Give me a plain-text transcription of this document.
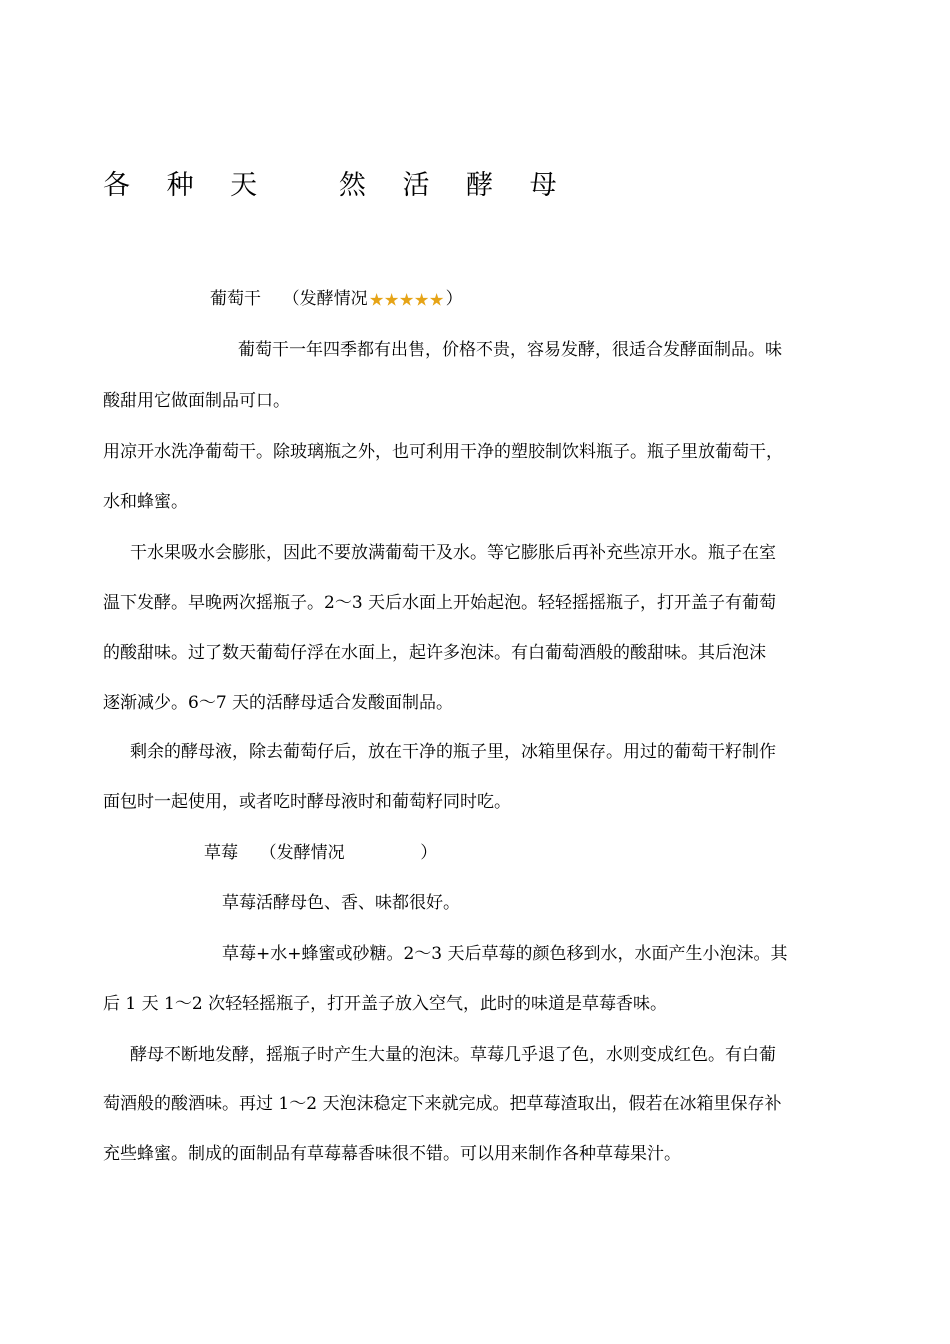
各 种 天   然 活 酵 母
葡萄干 （发酵情况	）
葡萄干一年四季都有出售，价格不贵，容易发酵，很适合发酵面制品。味
酸甜用它做面制品可口。
用凉开水洗净葡萄干。除玻璃瓶之外，也可利用干净的塑胶制饮料瓶子。瓶子里放葡萄干，
水和蜂蜜。
干水果吸水会膨胀，因此不要放满葡萄干及水。等它膨胀后再补充些凉开水。瓶子在室
温下发酵。早晚两次摇瓶子。2～3 天后水面上开始起泡。轻轻摇摇瓶子，打开盖子有葡萄
的酸甜味。过了数天葡萄仔浮在水面上，起许多泡沫。有白葡萄酒般的酸甜味。其后泡沫
逐渐减少。6～7 天的活酵母适合发酸面制品。
剩余的酵母液，除去葡萄仔后，放在干净的瓶子里，冰箱里保存。用过的葡萄干籽制作
面包时一起使用，或者吃时酵母液时和葡萄籽同时吃。
草莓 （发酵情况	）
草莓活酵母色、香、味都很好。
草莓+水+蜂蜜或砂糖。2～3 天后草莓的颜色移到水，水面产生小泡沫。其
后 1 天 1～2 次轻轻摇瓶子，打开盖子放入空气，此时的味道是草莓香味。
酵母不断地发酵，摇瓶子时产生大量的泡沫。草莓几乎退了色，水则变成红色。有白葡
萄酒般的酸酒味。再过 1～2 天泡沫稳定下来就完成。把草莓渣取出，假若在冰箱里保存补
充些蜂蜜。制成的面制品有草莓幕香味很不错。可以用来制作各种草莓果汁。
